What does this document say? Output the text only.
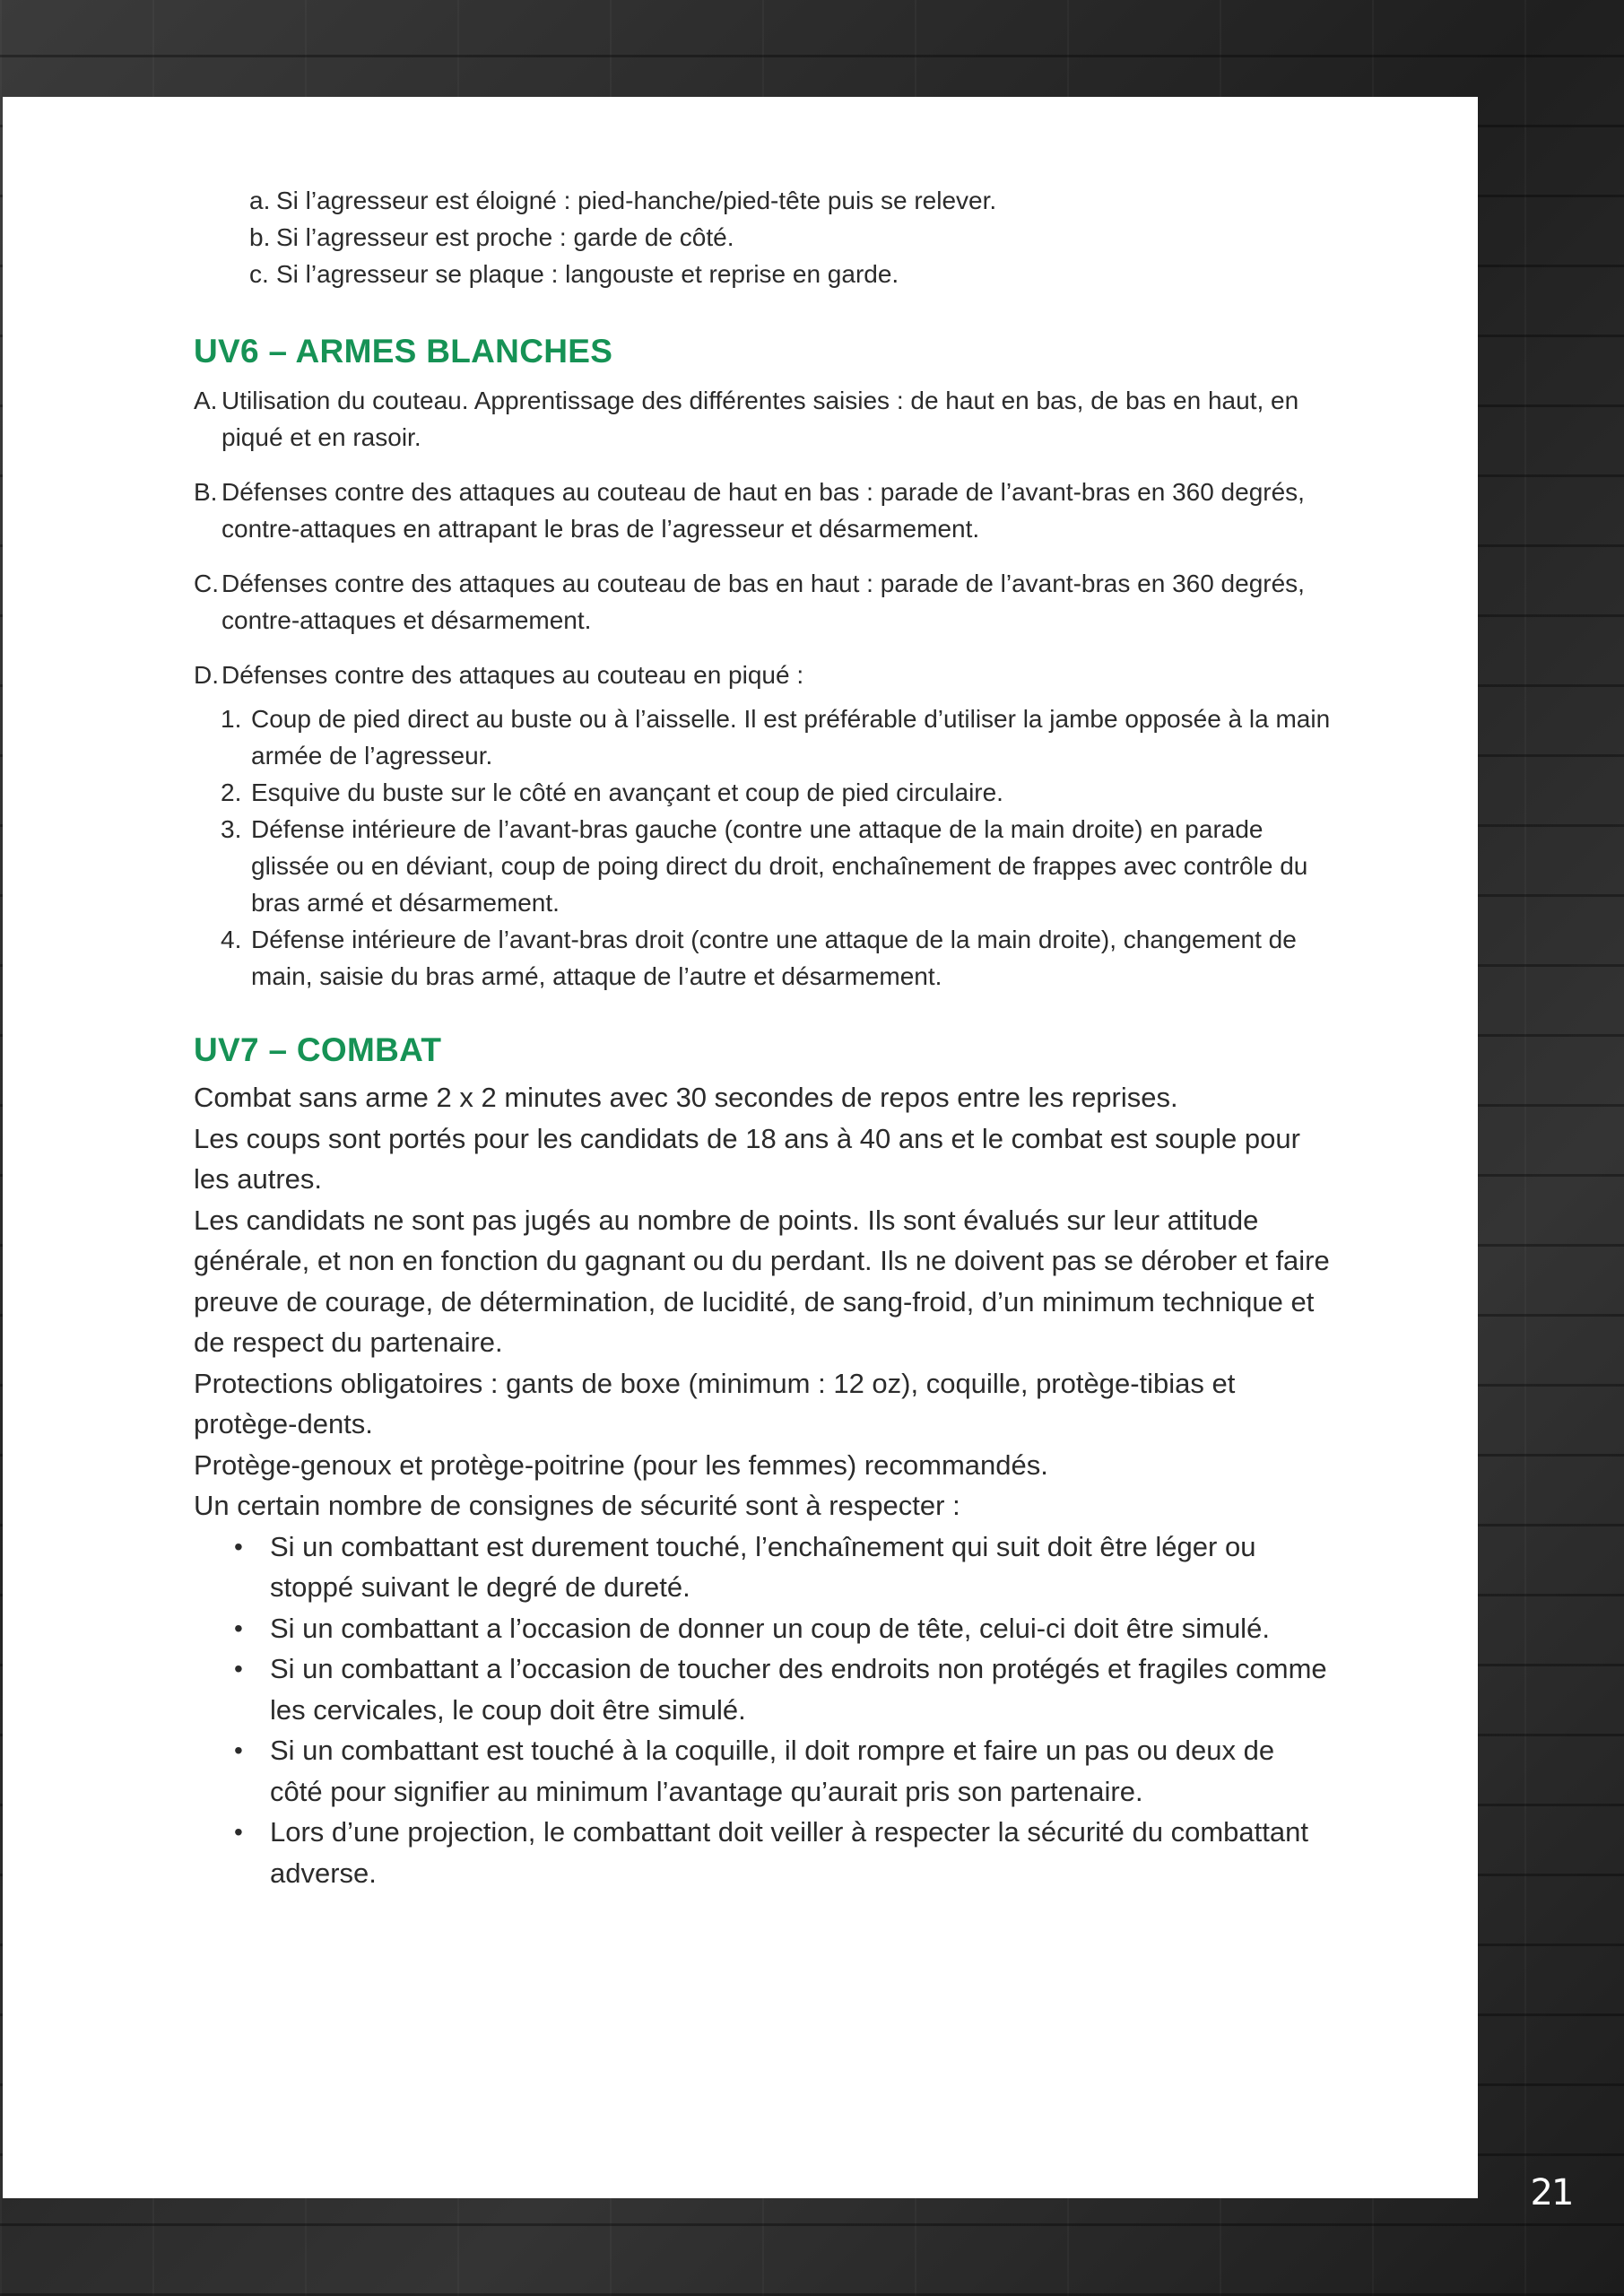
a. Si l’agresseur est éloigné : pied-hanche/pied-tête puis se relever.
b. Si l’agresseur est proche : garde de côté.
c. Si l’agresseur se plaque : langouste et reprise en garde.
UV6 – ARMES BLANCHES
A. Utilisation du couteau. Apprentissage des différentes saisies : de haut en bas, de bas en haut, en piqué et en rasoir.
B. Défenses contre des attaques au couteau de haut en bas : parade de l’avant-bras en 360 degrés, contre-attaques en attrapant le bras de l’agresseur et désarmement.
C. Défenses contre des attaques au couteau de bas en haut : parade de l’avant-bras en 360 degrés, contre-attaques et désarmement.
D. Défenses contre des attaques au couteau en piqué :
1. Coup de pied direct au buste ou à l’aisselle. Il est préférable d’utiliser la jambe opposée à la main armée de l’agresseur.
2. Esquive du buste sur le côté en avançant et coup de pied circulaire.
3. Défense intérieure de l’avant-bras gauche (contre une attaque de la main droite) en parade glissée ou en déviant, coup de poing direct du droit, enchaînement de frappes avec contrôle du bras armé et désarmement.
4. Défense intérieure de l’avant-bras droit (contre une attaque de la main droite), changement de main, saisie du bras armé, attaque de l’autre et désarmement.
UV7 – COMBAT
Combat sans arme 2 x 2 minutes avec 30 secondes de repos entre les reprises.
Les coups sont portés pour les candidats de 18 ans à 40 ans et le combat est souple pour les autres.
Les candidats ne sont pas jugés au nombre de points. Ils sont évalués sur leur attitude générale, et non en fonction du gagnant ou du perdant. Ils ne doivent pas se dérober et faire preuve de courage, de détermination, de lucidité, de sang-froid, d’un minimum technique et de respect du partenaire.
Protections obligatoires : gants de boxe (minimum : 12 oz), coquille, protège-tibias et protège-dents.
Protège-genoux et protège-poitrine (pour les femmes) recommandés.
Un certain nombre de consignes de sécurité sont à respecter :
• Si un combattant est durement touché, l’enchaînement qui suit doit être léger ou stoppé suivant le degré de dureté.
• Si un combattant a l’occasion de donner un coup de tête, celui-ci doit être simulé.
• Si un combattant a l’occasion de toucher des endroits non protégés et fragiles comme les cervicales, le coup doit être simulé.
• Si un combattant est touché à la coquille, il doit rompre et faire un pas ou deux de côté pour signifier au minimum l’avantage qu’aurait pris son partenaire.
• Lors d’une projection, le combattant doit veiller à respecter la sécurité du combattant adverse.
21
